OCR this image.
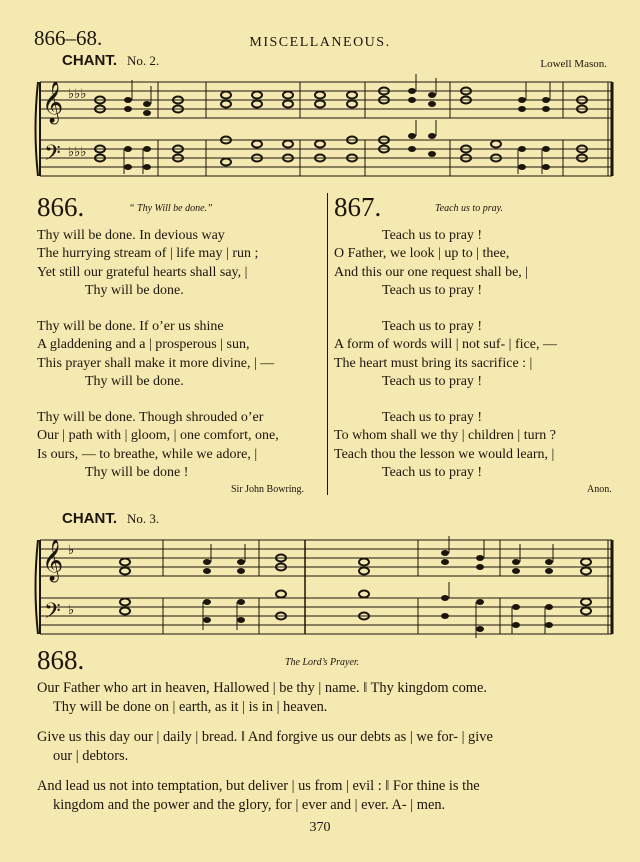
866–68.	MISCELLANEOUS.
CHANT. No. 2.	Lowell Mason.
𝄞
𝄢
♭♭♭
♭♭♭
866.	“ Thy Will be done.”
Thy will be done. In devious way
The hurrying stream of | life may | run ;
Yet still our grateful hearts shall say, |
Thy will be done.
Thy will be done. If o’er us shine
A gladdening and a | prosperous | sun,
This prayer shall make it more divine, | —
Thy will be done.
Thy will be done. Though shrouded o’er
Our | path with | gloom, | one comfort, one,
Is ours, — to breathe, while we adore, |
Thy will be done !
Sir John Bowring.
867.	Teach us to pray.
Teach us to pray !
O Father, we look | up to | thee,
And this our one request shall be, |
Teach us to pray !
Teach us to pray !
A form of words will | not suf- | fice, —
The heart must bring its sacrifice : |
Teach us to pray !
Teach us to pray !
To whom shall we thy | children | turn ?
Teach thou the lesson we would learn, |
Teach us to pray !
Anon.
CHANT. No. 3.
𝄞
𝄢
♭
♭
868.	The Lord’s Prayer.
Our Father who art in heaven, Hallowed | be thy | name. ‖ Thy kingdom come.
Thy will be done on | earth, as it | is in | heaven.
Give us this day our | daily | bread. ‖ And forgive us our debts as | we for- | give
our | debtors.
And lead us not into temptation, but deliver | us from | evil : ‖ For thine is the
kingdom and the power and the glory, for | ever and | ever. A- | men.
370
